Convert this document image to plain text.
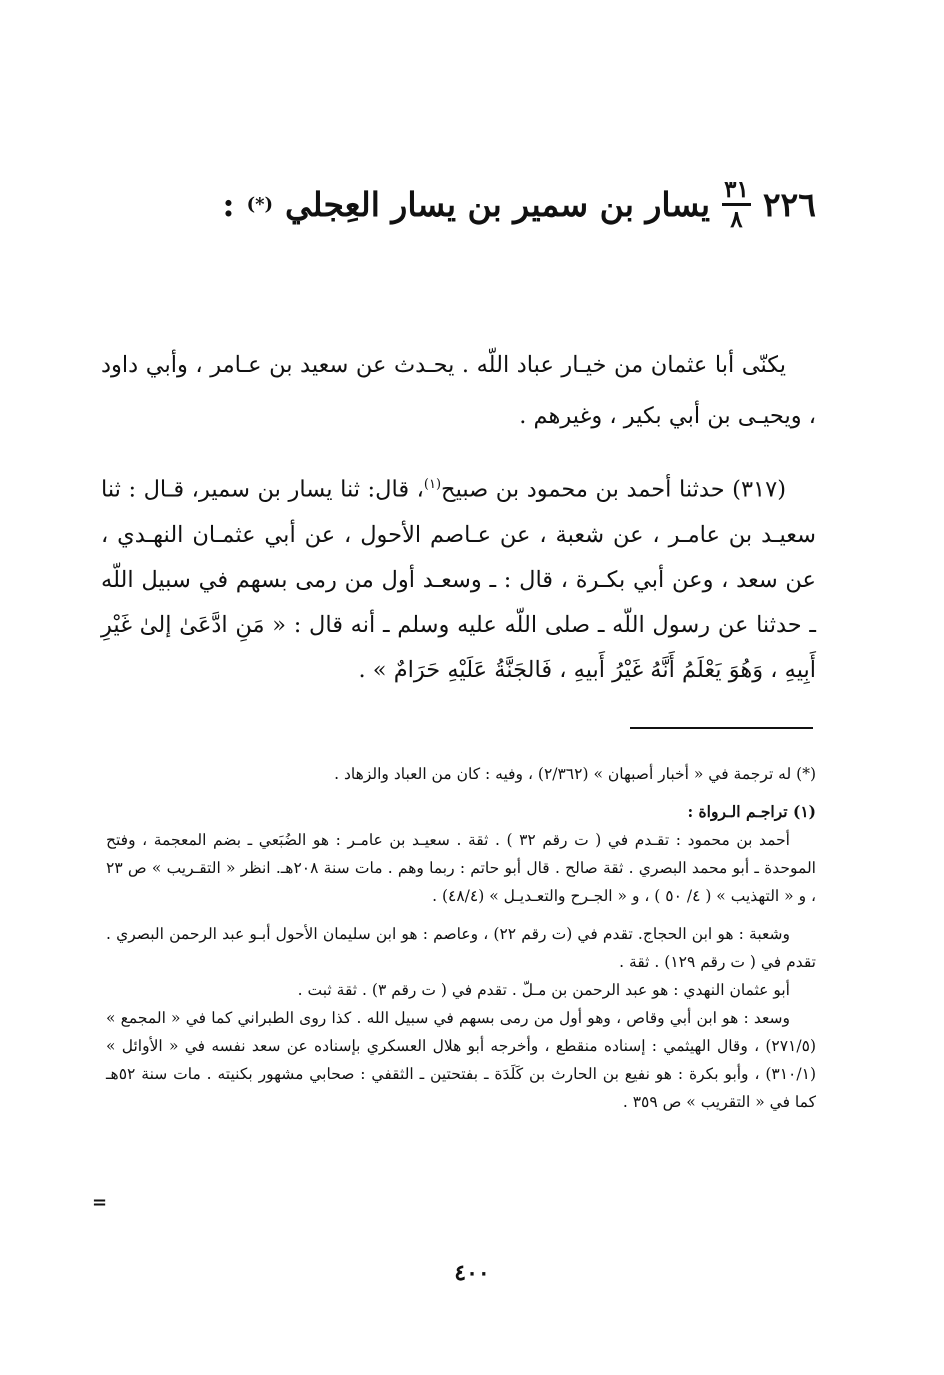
٢٢٦
$\frac{٣١}{٨}$
يسار بن سمير بن يسار العِجلي
(*)
:

يكنّى أبا عثمان من خيـار عباد اللّه . يحـدث عن سعيد بن عـامر ، وأبي داود ، ويحيـى بن أبي بكير ، وغيرهم .

(٣١٧) حدثنا أحمد بن محمود بن صبيح$^{(١)}$، قال: ثنا يسار بن سمير، قـال : ثنا سعيـد بن عامـر ، عن شعبة ، عن عـاصم الأحول ، عن أبي عثمـان النهـدي ، عن سعد ، وعن أبي بكـرة ، قال : ـ وسعـد أول من رمى بسهم في سبيل اللّه ـ حدثنا عن رسول اللّه ـ صلى اللّه عليه وسلم ـ أنه قال : « مَنِ ادَّعَىٰ إلىٰ غَيْرِ أَبِيهِ ، وَهُوَ يَعْلَمُ أَنَّهُ غَيْرُ أَبيهِ ، فَالجَنَّةُ عَلَيْهِ حَرَامٌ » .

(*) له ترجمة في « أخبار أصبهان » (٢/٣٦٢) ، وفيه : كان من العباد والزهاد .

(١) تراجـم الـرواة :

أحمد بن محمود : تقـدم في ( ت رقم ٣٢ ) . ثقة . سعيـد بن عامـر : هو الضُبَعي ـ بضم المعجمة ، وفتح الموحدة ـ أبو محمد البصري . ثقة صالح . قال أبو حاتم : ربما وهم . مات سنة ٢٠٨هـ. انظر « التقـريب » ص ٢٣ ، و « التهذيب » ( ٤/ ٥٠ ) ، و « الجـرح والتعـديـل » (٤٨/٤) .

وشعبة : هو ابن الحجاج. تقدم في (ت رقم ٢٢) ، وعاصم : هو ابن سليمان الأحول أبـو عبد الرحمن البصري . تقدم في ( ت رقم ١٢٩) . ثقة .

أبو عثمان النهدي : هو عبد الرحمن بن مـلّ . تقدم في ( ت رقم ٣) . ثقة ثبت .

وسعد : هو ابن أبي وقاص ، وهو أول من رمى بسهم في سبيل الله . كذا روى الطبراني كما في « المجمع » (٢٧١/٥) ، وقال الهيثمي : إسناده منقطع ، وأخرجه أبو هلال العسكري بإسناده عن سعد نفسه في « الأوائل » (٣١٠/١) ، وأبو بكرة : هو نفيع بن الحارث بن كَلَدَة ـ بفتحتين ـ الثقفي : صحابي مشهور بكنيته . مات سنة ٥٢هـ كما في « التقريب » ص ٣٥٩ .

=
٤٠٠
